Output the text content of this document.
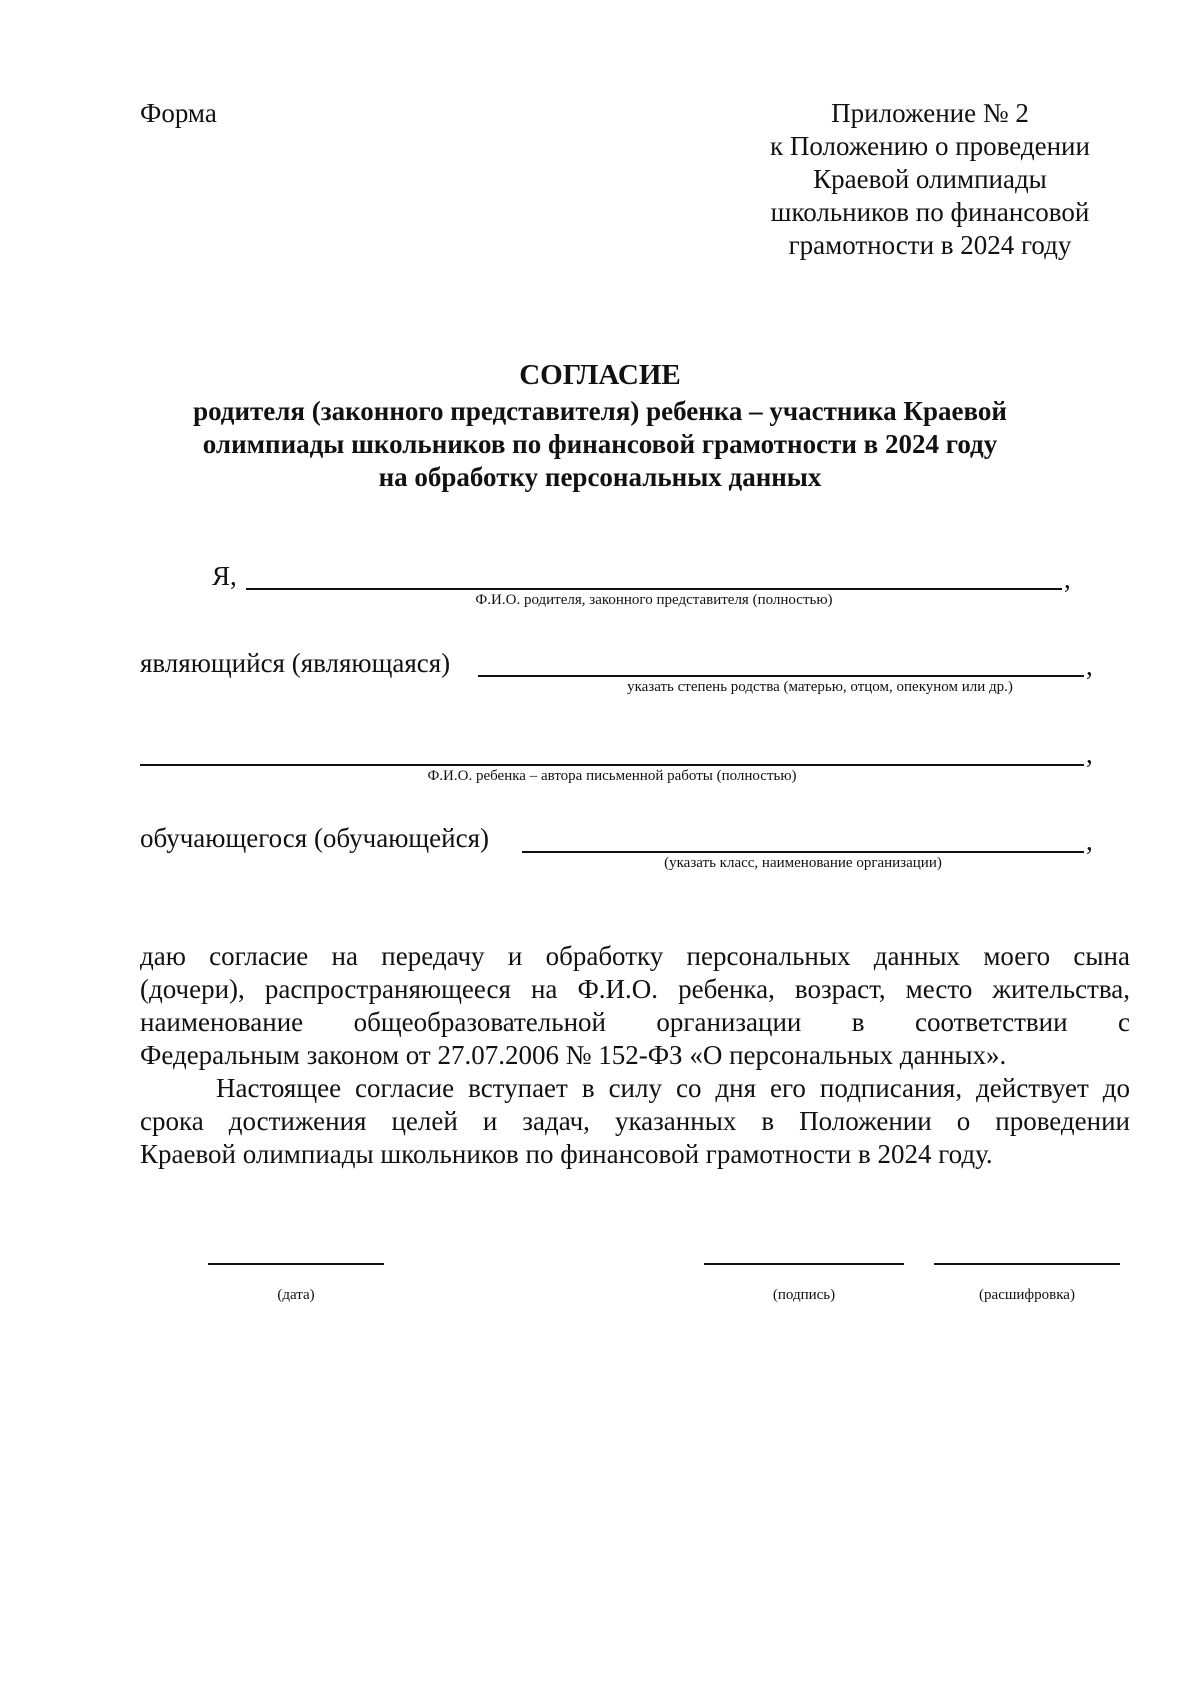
Форма	Приложение № 2
к Положению о проведении
Краевой олимпиады
школьников по финансовой
грамотности в 2024 году
СОГЛАСИЕ
родителя (законного представителя) ребенка – участника Краевой
олимпиады школьников по финансовой грамотности в 2024 году
на обработку персональных данных
Я,	,
Ф.И.О. родителя, законного представителя (полностью)
являющийся (являющаяся)	,
указать степень родства (матерью, отцом, опекуном или др.)
,
Ф.И.О. ребенка – автора письменной работы (полностью)
обучающегося (обучающейся)	,
(указать класс, наименование организации)
даю согласие на передачу и обработку персональных данных моего сына
(дочери), распространяющееся на Ф.И.О. ребенка, возраст, место жительства,
наименование общеобразовательной организации в соответствии с
Федеральным законом от 27.07.2006 № 152-ФЗ «О персональных данных».
Настоящее согласие вступает в силу со дня его подписания, действует до
срока достижения целей и задач, указанных в Положении о проведении
Краевой олимпиады школьников по финансовой грамотности в 2024 году.
(дата)	(подпись)	(расшифровка)
